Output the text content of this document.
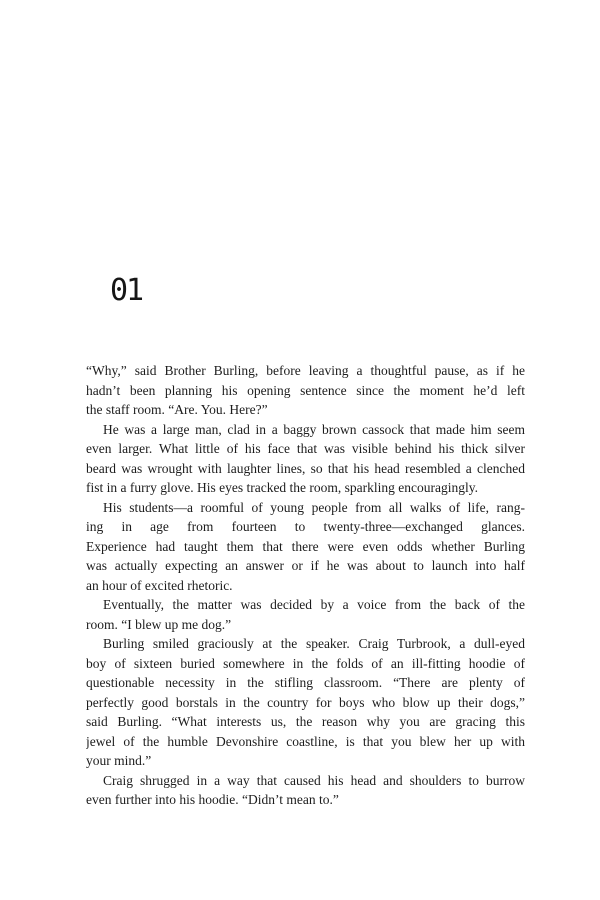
01

“Why,” said Brother Burling, before leaving a thoughtful pause, as if he
hadn’t been planning his opening sentence since the moment he’d left
the staff room. “Are. You. Here?”

He was a large man, clad in a baggy brown cassock that made him seem
even larger. What little of his face that was visible behind his thick silver
beard was wrought with laughter lines, so that his head resembled a clenched
fist in a furry glove. His eyes tracked the room, sparkling encouragingly.

His students—a roomful of young people from all walks of life, rang-
ing in age from fourteen to twenty-three—exchanged glances.
Experience had taught them that there were even odds whether Burling
was actually expecting an answer or if he was about to launch into half
an hour of excited rhetoric.

Eventually, the matter was decided by a voice from the back of the
room. “I blew up me dog.”

Burling smiled graciously at the speaker. Craig Turbrook, a dull-eyed
boy of sixteen buried somewhere in the folds of an ill-fitting hoodie of
questionable necessity in the stifling classroom. “There are plenty of
perfectly good borstals in the country for boys who blow up their dogs,”
said Burling. “What interests us, the reason why you are gracing this
jewel of the humble Devonshire coastline, is that you blew her up with
your mind.”

Craig shrugged in a way that caused his head and shoulders to burrow
even further into his hoodie. “Didn’t mean to.”
